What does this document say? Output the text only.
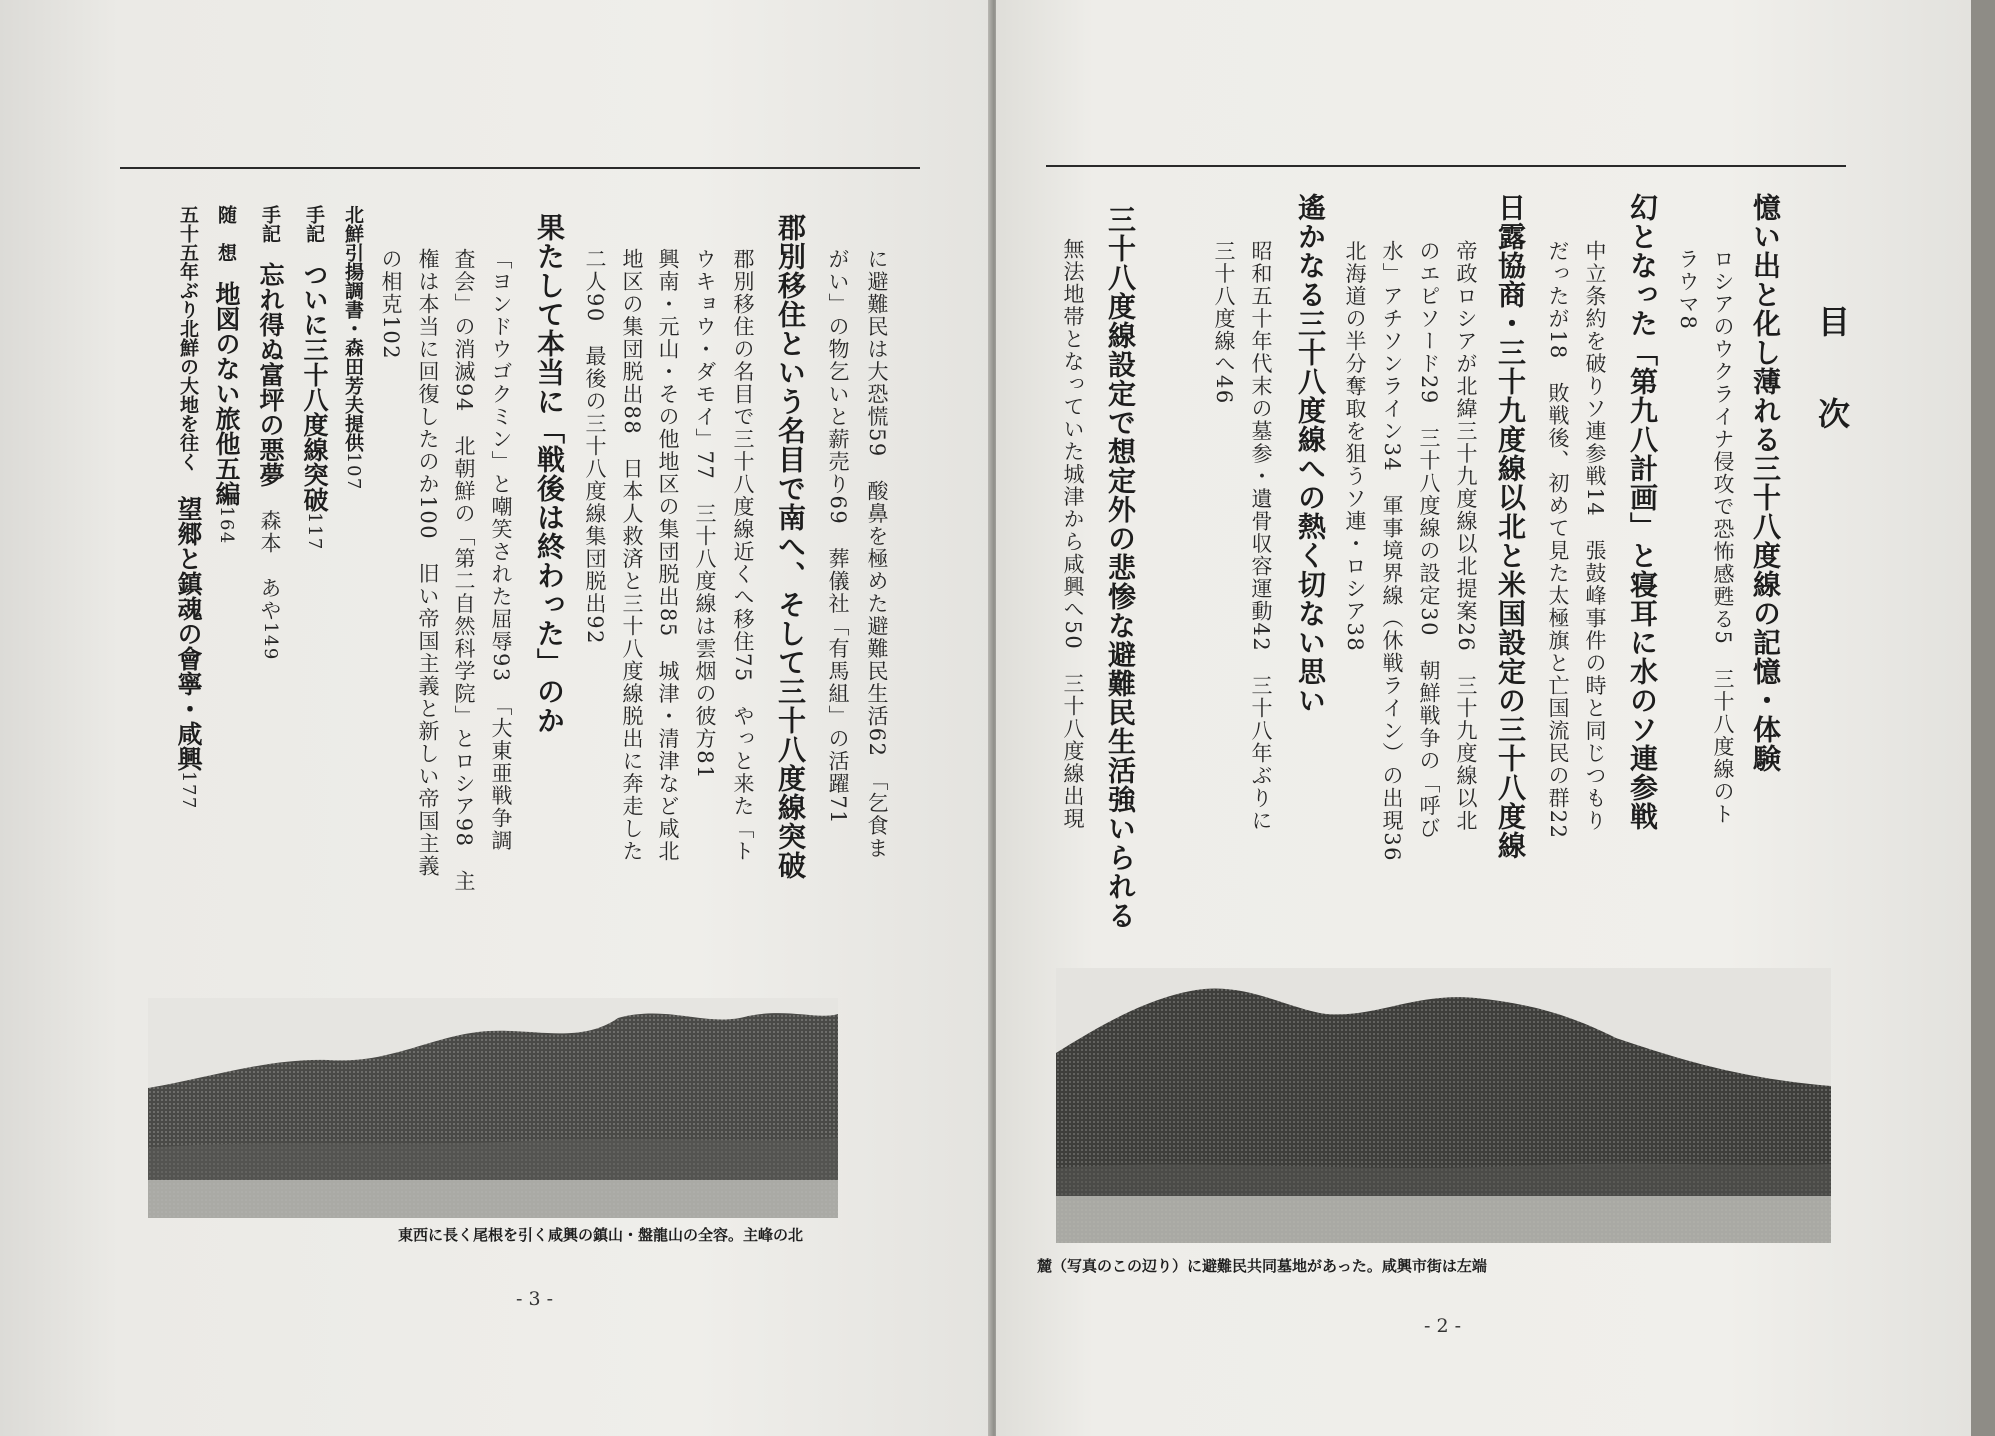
に避難民は大恐慌59　酸鼻を極めた避難民生活62　「乞食ま
がい」の物乞いと薪売り69　葬儀社「有馬組」の活躍71
郡別移住という名目で南へ、そして三十八度線突破
郡別移住の名目で三十八度線近くへ移住75　やっと来た「ト
ウキョウ・ダモイ」77　三十八度線は雲烟の彼方81
興南・元山・その他地区の集団脱出85　城津・清津など咸北
地区の集団脱出88　日本人救済と三十八度線脱出に奔走した
二人90　最後の三十八度線集団脱出92
果たして本当に「戦後は終わった」のか
「ヨンドウゴクミン」と嘲笑された屈辱93　「大東亜戦争調
査会」の消滅94　北朝鮮の「第二自然科学院」とロシア98　主
権は本当に回復したのか100　旧い帝国主義と新しい帝国主義
の相克102
北鮮引揚調書・森田芳夫提供107
手記　ついに三十八度線突破117
手記　忘れ得ぬ富坪の悪夢　森本　あや149
随　想　地図のない旅他五編164
五十五年ぶり北鮮の大地を往く　望郷と鎮魂の會寧・咸興177
東西に長く尾根を引く咸興の鎮山・盤龍山の全容。主峰の北
- 3 -
目　次
憶い出と化し薄れる三十八度線の記憶・体験
ロシアのウクライナ侵攻で恐怖感甦る5　三十八度線のト
ラウマ8
幻となった「第九八計画」と寝耳に水のソ連参戦
中立条約を破りソ連参戦14　張鼓峰事件の時と同じつもり
だったが18　敗戦後、初めて見た太極旗と亡国流民の群22
日露協商・三十九度線以北と米国設定の三十八度線
帝政ロシアが北緯三十九度線以北提案26　三十九度線以北
のエピソード29　三十八度線の設定30　朝鮮戦争の「呼び
水」アチソンライン34　軍事境界線（休戦ライン）の出現36
北海道の半分奪取を狙うソ連・ロシア38
遙かなる三十八度線への熱く切ない思い
昭和五十年代末の墓参・遺骨収容運動42　三十八年ぶりに
三十八度線へ46
三十八度線設定で想定外の悲惨な避難民生活強いられる
無法地帯となっていた城津から咸興へ50　三十八度線出現
麓（写真のこの辺り）に避難民共同墓地があった。咸興市街は左端
- 2 -
